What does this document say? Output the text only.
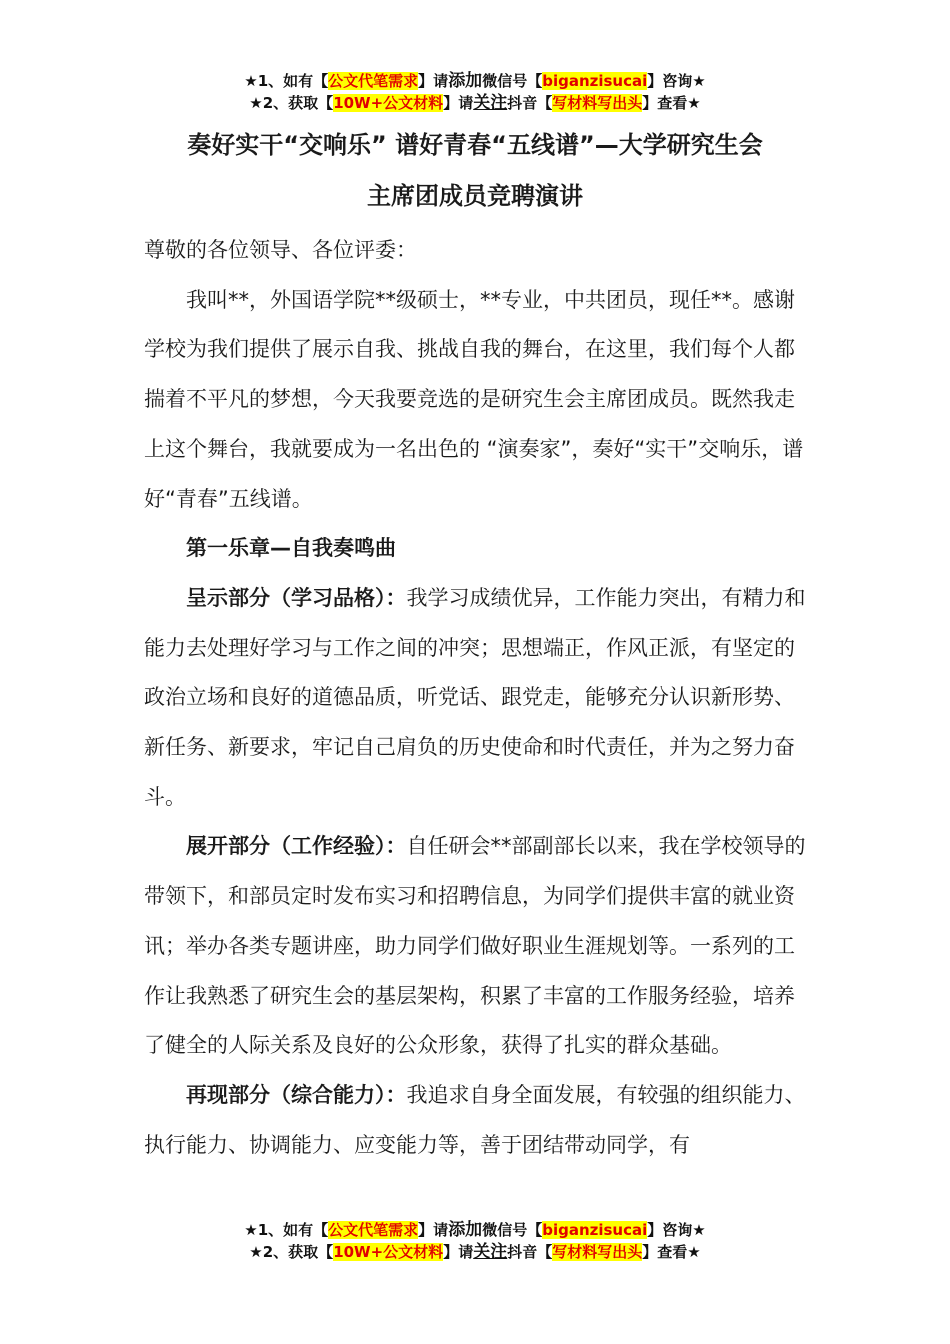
★1、如有【公文代笔需求】请添加微信号【biganzisucai】咨询★
★2、获取【10W+公文材料】请关注抖音【写材料写出头】查看★
奏好实干“交响乐” 谱好青春“五线谱”—大学研究生会
主席团成员竞聘演讲

尊敬的各位领导、各位评委：

我叫**，外国语学院**级硕士，**专业，中共团员，现任**。感谢学校为我们提供了展示自我、挑战自我的舞台，在这里，我们每个人都揣着不平凡的梦想，今天我要竞选的是研究生会主席团成员。既然我走上这个舞台，我就要成为一名出色的 “演奏家”，奏好“实干”交响乐，谱好“青春”五线谱。

第一乐章—自我奏鸣曲

呈示部分（学习品格）：我学习成绩优异，工作能力突出，有精力和能力去处理好学习与工作之间的冲突；思想端正，作风正派，有坚定的政治立场和良好的道德品质，听党话、跟党走，能够充分认识新形势、新任务、新要求，牢记自己肩负的历史使命和时代责任，并为之努力奋斗。

展开部分（工作经验）：自任研会**部副部长以来，我在学校领导的带领下，和部员定时发布实习和招聘信息，为同学们提供丰富的就业资讯；举办各类专题讲座，助力同学们做好职业生涯规划等。一系列的工作让我熟悉了研究生会的基层架构，积累了丰富的工作服务经验，培养了健全的人际关系及良好的公众形象，获得了扎实的群众基础。

再现部分（综合能力）：我追求自身全面发展，有较强的组织能力、执行能力、协调能力、应变能力等，善于团结带动同学，有

★1、如有【公文代笔需求】请添加微信号【biganzisucai】咨询★
★2、获取【10W+公文材料】请关注抖音【写材料写出头】查看★
